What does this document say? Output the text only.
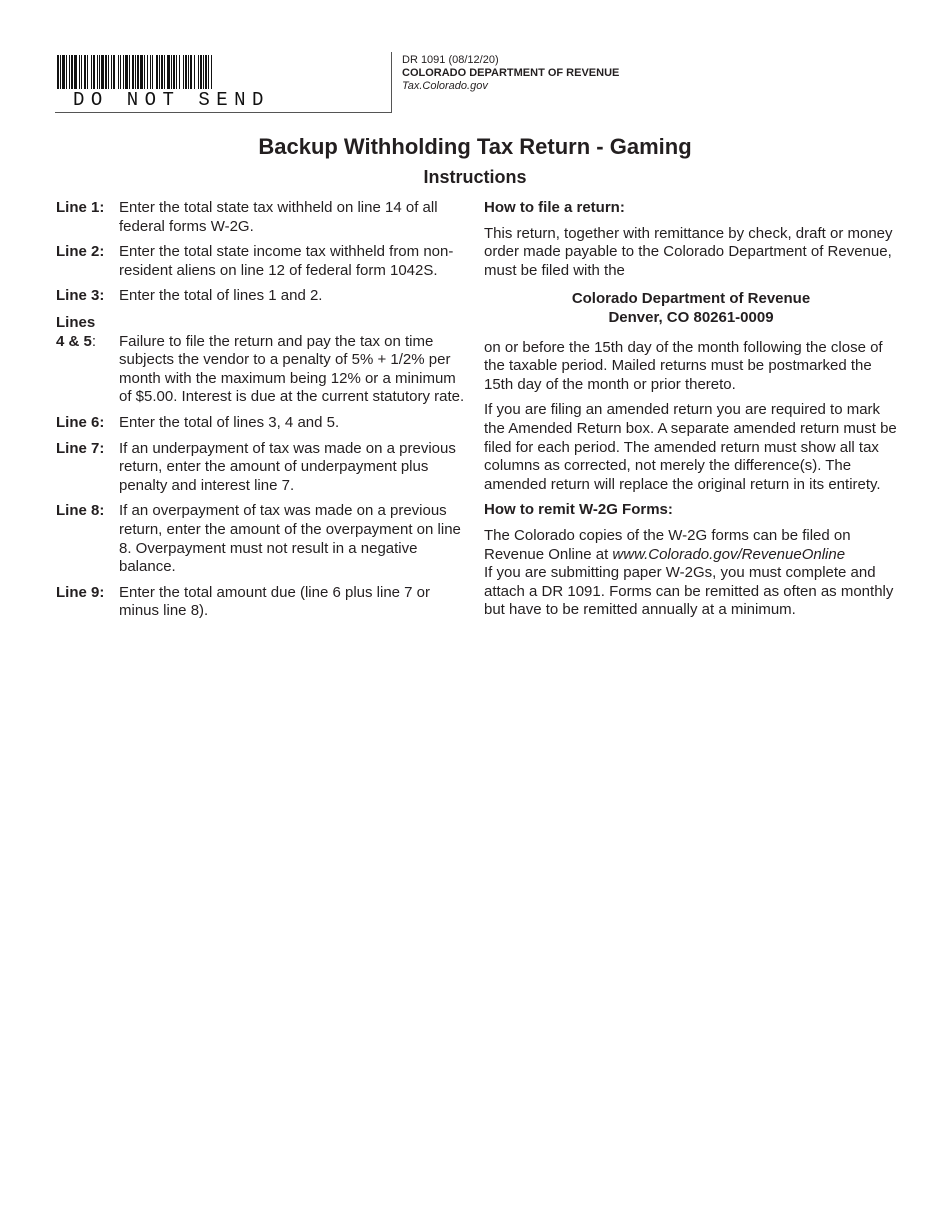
DO NOT SEND
DR 1091 (08/12/20)
COLORADO DEPARTMENT OF REVENUE
Tax.Colorado.gov
Backup Withholding Tax Return - Gaming
Instructions
Line 1: Enter the total state tax withheld on line 14 of all federal forms W-2G.
Line 2: Enter the total state income tax withheld from non-resident aliens on line 12 of federal form 1042S.
Line 3: Enter the total of lines 1 and 2.
Lines
4 & 5:	Failure to file the return and pay the tax on time subjects the vendor to a penalty of 5% + 1/2% per month with the maximum being 12% or a minimum of $5.00. Interest is due at the current statutory rate.
Line 6: Enter the total of lines 3, 4 and 5.
Line 7: If an underpayment of tax was made on a previous return, enter the amount of underpayment plus penalty and interest line 7.
Line 8: If an overpayment of tax was made on a previous return, enter the amount of the overpayment on line 8. Overpayment must not result in a negative balance.
Line 9: Enter the total amount due (line 6 plus line 7 or minus line 8).

How to file a return:

This return, together with remittance by check, draft or money order made payable to the Colorado Department of Revenue, must be filed with the

Colorado Department of Revenue
Denver, CO 80261-0009

on or before the 15th day of the month following the close of the taxable period. Mailed returns must be postmarked the 15th day of the month or prior thereto.

If you are filing an amended return you are required to mark the Amended Return box. A separate amended return must be filed for each period. The amended return must show all tax columns as corrected, not merely the difference(s). The amended return will replace the original return in its entirety.

How to remit W-2G Forms:

The Colorado copies of the W-2G forms can be filed on Revenue Online at www.Colorado.gov/RevenueOnline
If you are submitting paper W-2Gs, you must complete and attach a DR 1091. Forms can be remitted as often as monthly but have to be remitted annually at a minimum.
